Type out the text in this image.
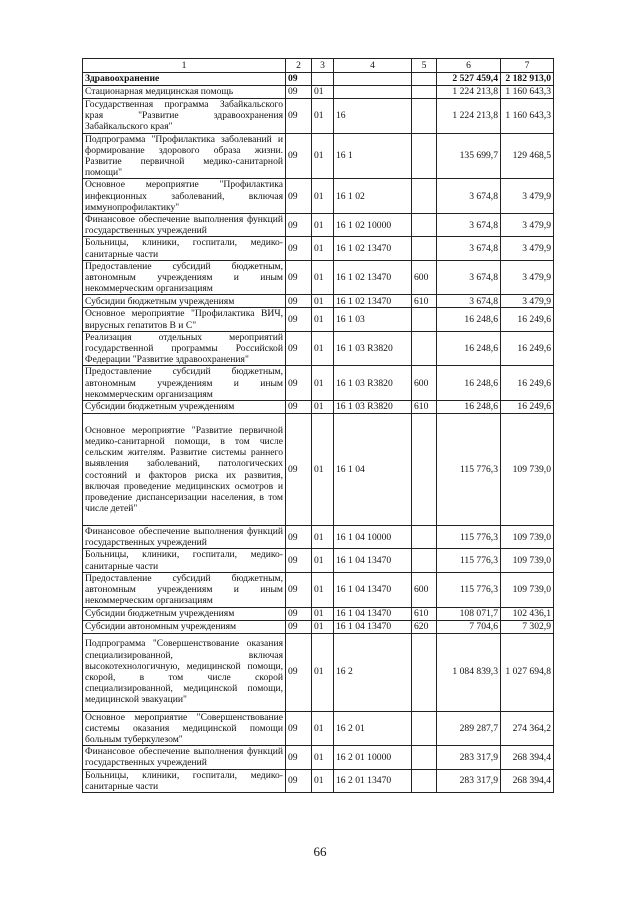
1	2	3	4	5	6	7
Здравоохранение	09				2 527 459,4	2 182 913,0
Стационарная медицинская помощь	09	01			1 224 213,8	1 160 643,3
Государственная программа Забайкальского края "Развитие здравоохранения Забайкальского края"	09	01	16		1 224 213,8	1 160 643,3
Подпрограмма "Профилактика заболеваний и формирование здорового образа жизни. Развитие первичной медико-санитарной помощи"	09	01	16 1		135 699,7	129 468,5
Основное мероприятие "Профилактика инфекционных заболеваний, включая иммунопрофилактику"	09	01	16 1 02		3 674,8	3 479,9
Финансовое обеспечение выполнения функций государственных учреждений	09	01	16 1 02 10000		3 674,8	3 479,9
Больницы, клиники, госпитали, медико-санитарные части	09	01	16 1 02 13470		3 674,8	3 479,9
Предоставление субсидий бюджетным, автономным учреждениям и иным некоммерческим организациям	09	01	16 1 02 13470	600	3 674,8	3 479,9
Субсидии бюджетным учреждениям	09	01	16 1 02 13470	610	3 674,8	3 479,9
Основное мероприятие "Профилактика ВИЧ, вирусных гепатитов В и С"	09	01	16 1 03		16 248,6	16 249,6
Реализация отдельных мероприятий государственной программы Российской Федерации "Развитие здравоохранения"	09	01	16 1 03 R3820		16 248,6	16 249,6
Предоставление субсидий бюджетным, автономным учреждениям и иным некоммерческим организациям	09	01	16 1 03 R3820	600	16 248,6	16 249,6
Субсидии бюджетным учреждениям	09	01	16 1 03 R3820	610	16 248,6	16 249,6
Основное мероприятие "Развитие первичной медико-санитарной помощи, в том числе сельским жителям. Развитие системы раннего выявления заболеваний, патологических состояний и факторов риска их развития, включая проведение медицинских осмотров и проведение диспансеризации населения, в том числе детей"	09	01	16 1 04		115 776,3	109 739,0
Финансовое обеспечение выполнения функций государственных учреждений	09	01	16 1 04 10000		115 776,3	109 739,0
Больницы, клиники, госпитали, медико-санитарные части	09	01	16 1 04 13470		115 776,3	109 739,0
Предоставление субсидий бюджетным, автономным учреждениям и иным некоммерческим организациям	09	01	16 1 04 13470	600	115 776,3	109 739,0
Субсидии бюджетным учреждениям	09	01	16 1 04 13470	610	108 071,7	102 436,1
Субсидии автономным учреждениям	09	01	16 1 04 13470	620	7 704,6	7 302,9
Подпрограмма "Совершенствование оказания специализированной, включая высокотехнологичную, медицинской помощи, скорой, в том числе скорой специализированной, медицинской помощи, медицинской эвакуации"	09	01	16 2		1 084 839,3	1 027 694,8
Основное мероприятие "Совершенствование системы оказания медицинской помощи больным туберкулезом"	09	01	16 2 01		289 287,7	274 364,2
Финансовое обеспечение выполнения функций государственных учреждений	09	01	16 2 01 10000		283 317,9	268 394,4
Больницы, клиники, госпитали, медико-санитарные части	09	01	16 2 01 13470		283 317,9	268 394,4
66
